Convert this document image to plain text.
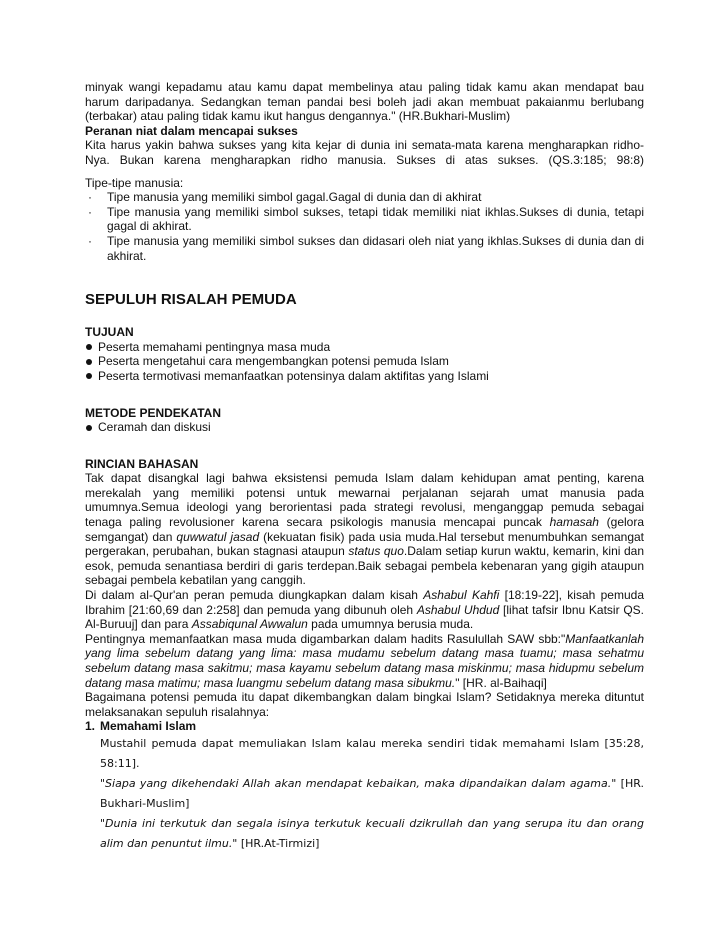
minyak wangi kepadamu atau kamu dapat membelinya atau paling tidak kamu akan mendapat bau harum daripadanya. Sedangkan teman pandai besi boleh jadi akan membuat pakaianmu berlubang (terbakar) atau paling tidak kamu ikut hangus dengannya." (HR.Bukhari-Muslim)

Peranan niat dalam mencapai sukses

Kita harus yakin bahwa sukses yang kita kejar di dunia ini semata-mata karena mengharapkan ridho-Nya. Bukan karena mengharapkan ridho manusia. Sukses di atas sukses. (QS.3:185; 98:8)

Tipe-tipe manusia:

· Tipe manusia yang memiliki simbol gagal.Gagal di dunia dan di akhirat
· Tipe manusia yang memiliki simbol sukses, tetapi tidak memiliki niat ikhlas.Sukses di dunia, tetapi gagal di akhirat.
· Tipe manusia yang memiliki simbol sukses dan didasari oleh niat yang ikhlas.Sukses di dunia dan di akhirat.

SEPULUH RISALAH PEMUDA

TUJUAN

Peserta memahami pentingnya masa muda
Peserta mengetahui cara mengembangkan potensi pemuda Islam
Peserta termotivasi memanfaatkan potensinya dalam aktifitas yang Islami

METODE PENDEKATAN

Ceramah dan diskusi

RINCIAN BAHASAN

Tak dapat disangkal lagi bahwa eksistensi pemuda Islam dalam kehidupan amat penting, karena merekalah yang memiliki potensi untuk mewarnai perjalanan sejarah umat manusia pada umumnya.Semua ideologi yang berorientasi pada strategi revolusi, menganggap pemuda sebagai tenaga paling revolusioner karena secara psikologis manusia mencapai puncak hamasah (gelora semgangat) dan quwwatul jasad (kekuatan fisik) pada usia muda.Hal tersebut menumbuhkan semangat pergerakan, perubahan, bukan stagnasi ataupun status quo.Dalam setiap kurun waktu, kemarin, kini dan esok, pemuda senantiasa berdiri di garis terdepan.Baik sebagai pembela kebenaran yang gigih ataupun sebagai pembela kebatilan yang canggih.

Di dalam al-Qur'an peran pemuda diungkapkan dalam kisah Ashabul Kahfi [18:19-22], kisah pemuda Ibrahim [21:60,69 dan 2:258] dan pemuda yang dibunuh oleh Ashabul Uhdud [lihat tafsir Ibnu Katsir QS. Al-Buruuj] dan para Assabiqunal Awwalun pada umumnya berusia muda.

Pentingnya memanfaatkan masa muda digambarkan dalam hadits Rasulullah SAW sbb:"Manfaatkanlah yang lima sebelum datang yang lima: masa mudamu sebelum datang masa tuamu; masa sehatmu sebelum datang masa sakitmu; masa kayamu sebelum datang masa miskinmu; masa hidupmu sebelum datang masa matimu; masa luangmu sebelum datang masa sibukmu." [HR. al-Baihaqi]

Bagaimana potensi pemuda itu dapat dikembangkan dalam bingkai Islam? Setidaknya mereka dituntut melaksanakan sepuluh risalahnya:

1. Memahami Islam

Mustahil pemuda dapat memuliakan Islam kalau mereka sendiri tidak memahami Islam [35:28, 58:11].

"Siapa yang dikehendaki Allah akan mendapat kebaikan, maka dipandaikan dalam agama." [HR. Bukhari-Muslim]

"Dunia ini terkutuk dan segala isinya terkutuk kecuali dzikrullah dan yang serupa itu dan orang alim dan penuntut ilmu." [HR.At-Tirmizi]
